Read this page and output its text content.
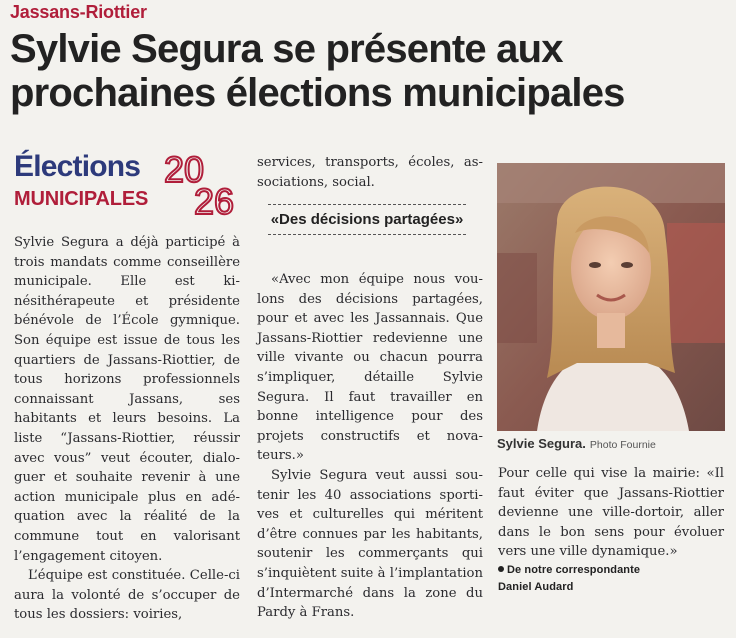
Jassans-Riottier
Sylvie Segura se présente aux
prochaines élections municipales
Élections
MUNICIPALES
20
26

Sylvie Segura a déjà participé à trois mandats comme conseillère municipale. Elle est kinésithérapeute et présidente bénévole de l’École gymnique. Son équipe est issue de tous les quartiers de Jassans-Riottier, de tous horizons professionnels connaissant Jassans, ses habitants et leurs besoins. La liste “Jassans-Riottier, réussir avec vous” veut écouter, dialoguer et souhaite revenir à une action municipale plus en adéquation avec la réalité de la commune tout en valorisant l’engagement citoyen.

L’équipe est constituée. Celle-ci aura la volonté de s’occuper de tous les dossiers: voiries,

services, transports, écoles, associations, social.

«Des décisions partagées»

«Avec mon équipe nous voulons des décisions partagées, pour et avec les Jassannais. Que Jassans-Riottier redevienne une ville vivante ou chacun pourra s’impliquer, détaille Sylvie Segura. Il faut travailler en bonne intelligence pour des projets constructifs et novateurs.»

Sylvie Segura veut aussi soutenir les 40 associations sportives et culturelles qui méritent d’être connues par les habitants, soutenir les commerçants qui s’inquiètent suite à l’implantation d’Intermarché dans la zone du Pardy à Frans.

Sylvie Segura. Photo Fournie

Pour celle qui vise la mairie: «Il faut éviter que Jassans-Riottier devienne une ville-dortoir, aller dans le bon sens pour évoluer vers une ville dynamique.»

De notre correspondante
Daniel Audard
